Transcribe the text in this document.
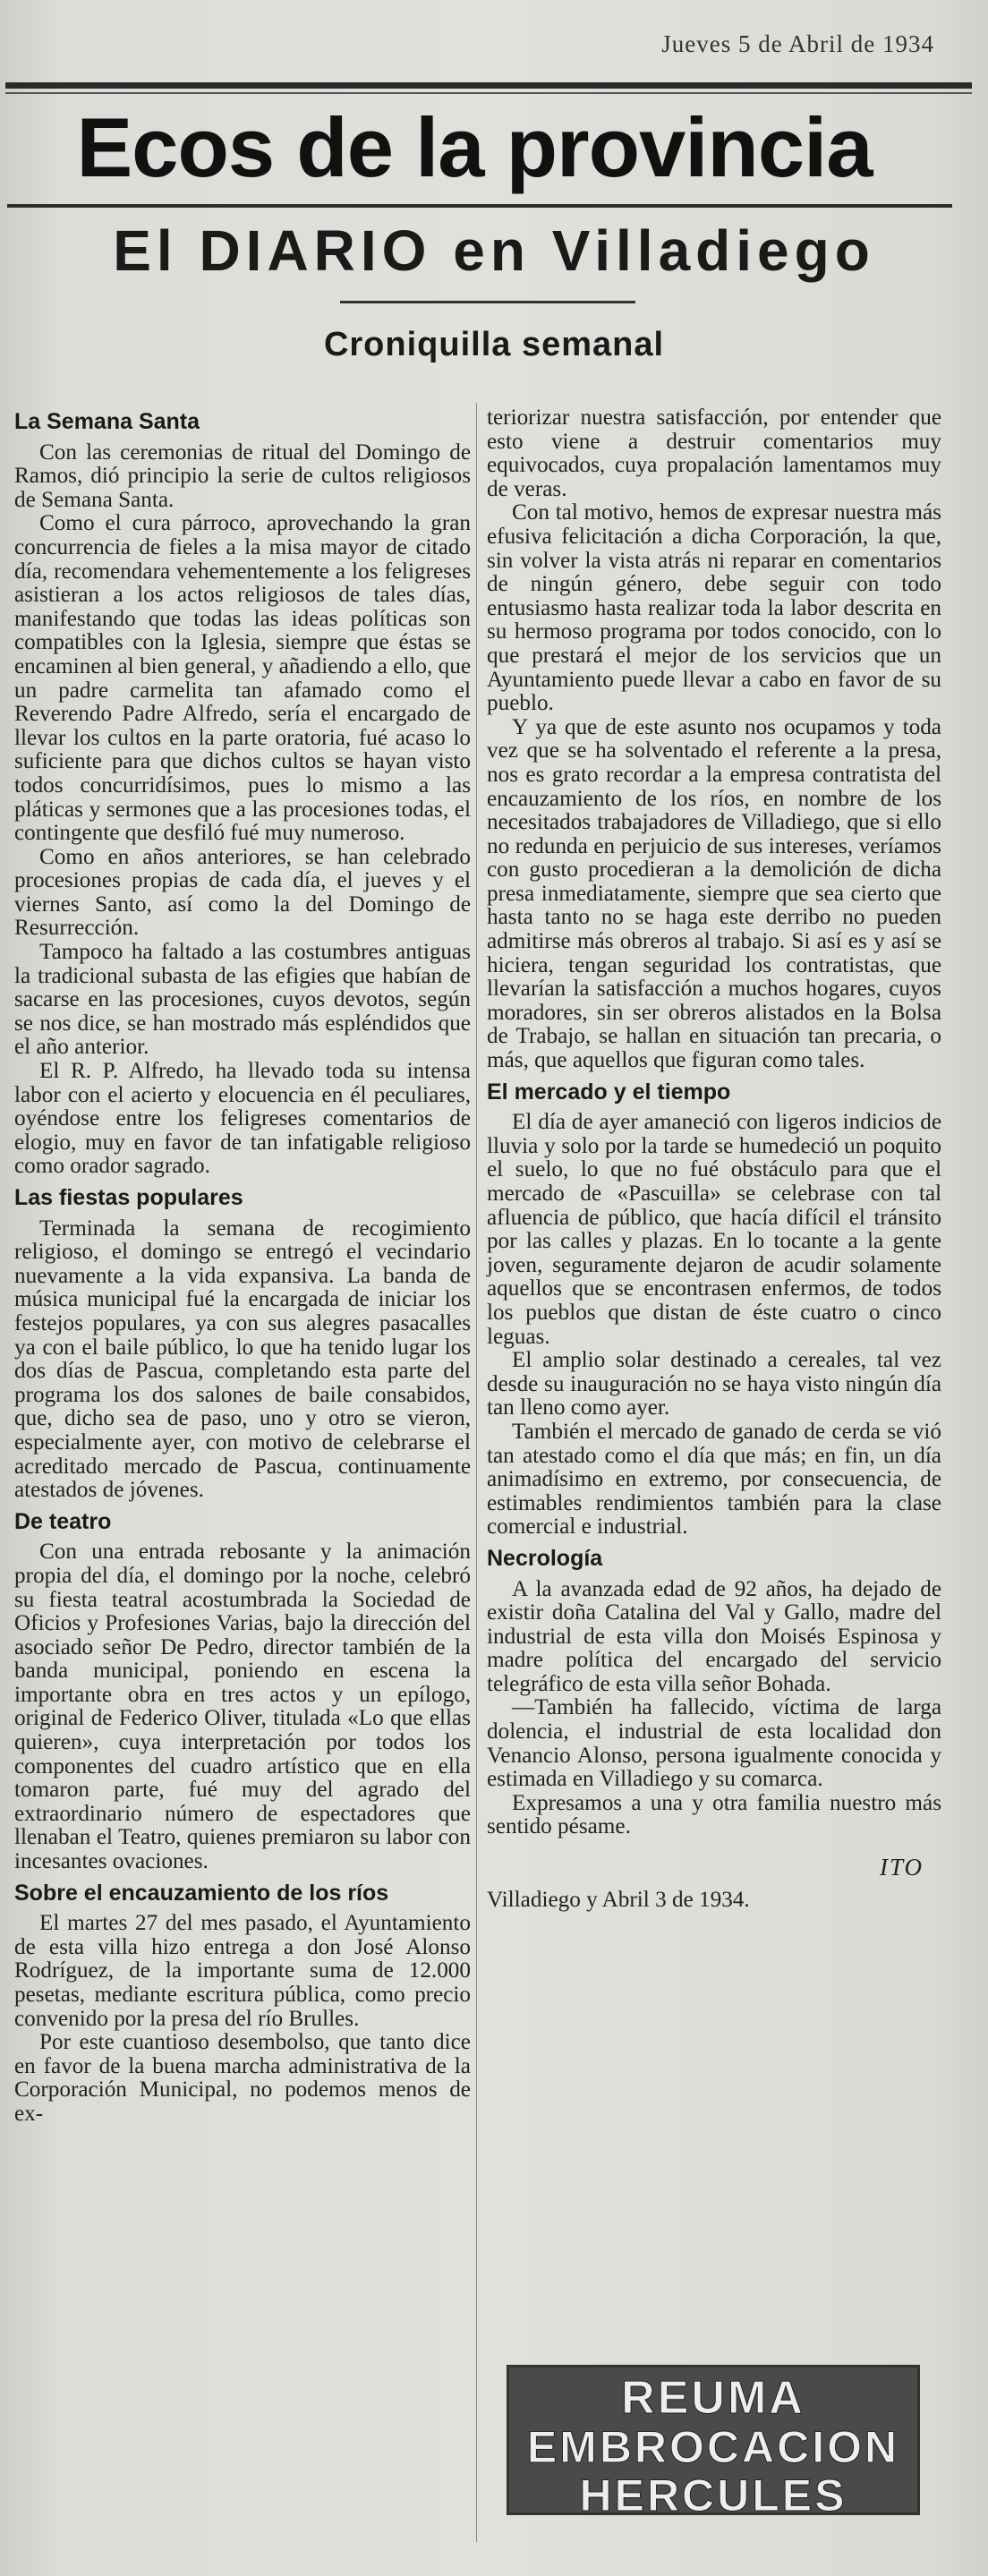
Jueves 5 de Abril de 1934
Ecos de la provincia
El DIARIO en Villadiego
Croniquilla semanal
La Semana Santa

Con las ceremonias de ritual del Domingo de Ramos, dió principio la serie de cultos religiosos de Semana Santa.

Como el cura párroco, aprovechando la gran concurrencia de fieles a la misa mayor de citado día, recomendara vehementemente a los feligreses asistieran a los actos religiosos de tales días, manifestando que todas las ideas políticas son compatibles con la Iglesia, siempre que éstas se encaminen al bien general, y añadiendo a ello, que un padre carmelita tan afamado como el Reverendo Padre Alfredo, sería el encargado de llevar los cultos en la parte oratoria, fué acaso lo suficiente para que dichos cultos se hayan visto todos concurridísimos, pues lo mismo a las pláticas y sermones que a las procesiones todas, el contingente que desfiló fué muy numeroso.

Como en años anteriores, se han celebrado procesiones propias de cada día, el jueves y el viernes Santo, así como la del Domingo de Resurrección.

Tampoco ha faltado a las costumbres antiguas la tradicional subasta de las efigies que habían de sacarse en las procesiones, cuyos devotos, según se nos dice, se han mostrado más espléndidos que el año anterior.

El R. P. Alfredo, ha llevado toda su intensa labor con el acierto y elocuencia en él peculiares, oyéndose entre los feligreses comentarios de elogio, muy en favor de tan infatigable religioso como orador sagrado.

Las fiestas populares

Terminada la semana de recogimiento religioso, el domingo se entregó el vecindario nuevamente a la vida expansiva. La banda de música municipal fué la encargada de iniciar los festejos populares, ya con sus alegres pasacalles ya con el baile público, lo que ha tenido lugar los dos días de Pascua, completando esta parte del programa los dos salones de baile consabidos, que, dicho sea de paso, uno y otro se vieron, especialmente ayer, con motivo de celebrarse el acreditado mercado de Pascua, continuamente atestados de jóvenes.

De teatro

Con una entrada rebosante y la animación propia del día, el domingo por la noche, celebró su fiesta teatral acostumbrada la Sociedad de Oficios y Profesiones Varias, bajo la dirección del asociado señor De Pedro, director también de la banda municipal, poniendo en escena la importante obra en tres actos y un epílogo, original de Federico Oliver, titulada «Lo que ellas quieren», cuya interpretación por todos los componentes del cuadro artístico que en ella tomaron parte, fué muy del agrado del extraordinario número de espectadores que llenaban el Teatro, quienes premiaron su labor con incesantes ovaciones.

Sobre el encauzamiento de los ríos

El martes 27 del mes pasado, el Ayuntamiento de esta villa hizo entrega a don José Alonso Rodríguez, de la importante suma de 12.000 pesetas, mediante escritura pública, como precio convenido por la presa del río Brulles.

Por este cuantioso desembolso, que tanto dice en favor de la buena marcha administrativa de la Corporación Municipal, no podemos menos de ex-

teriorizar nuestra satisfacción, por entender que esto viene a destruir comentarios muy equivocados, cuya propalación lamentamos muy de veras.

Con tal motivo, hemos de expresar nuestra más efusiva felicitación a dicha Corporación, la que, sin volver la vista atrás ni reparar en comentarios de ningún género, debe seguir con todo entusiasmo hasta realizar toda la labor descrita en su hermoso programa por todos conocido, con lo que prestará el mejor de los servicios que un Ayuntamiento puede llevar a cabo en favor de su pueblo.

Y ya que de este asunto nos ocupamos y toda vez que se ha solventado el referente a la presa, nos es grato recordar a la empresa contratista del encauzamiento de los ríos, en nombre de los necesitados trabajadores de Villadiego, que si ello no redunda en perjuicio de sus intereses, veríamos con gusto procedieran a la demolición de dicha presa inmediatamente, siempre que sea cierto que hasta tanto no se haga este derribo no pueden admitirse más obreros al trabajo. Si así es y así se hiciera, tengan seguridad los contratistas, que llevarían la satisfacción a muchos hogares, cuyos moradores, sin ser obreros alistados en la Bolsa de Trabajo, se hallan en situación tan precaria, o más, que aquellos que figuran como tales.

El mercado y el tiempo

El día de ayer amaneció con ligeros indicios de lluvia y solo por la tarde se humedeció un poquito el suelo, lo que no fué obstáculo para que el mercado de «Pascuilla» se celebrase con tal afluencia de público, que hacía difícil el tránsito por las calles y plazas. En lo tocante a la gente joven, seguramente dejaron de acudir solamente aquellos que se encontrasen enfermos, de todos los pueblos que distan de éste cuatro o cinco leguas.

El amplio solar destinado a cereales, tal vez desde su inauguración no se haya visto ningún día tan lleno como ayer.

También el mercado de ganado de cerda se vió tan atestado como el día que más; en fin, un día animadísimo en extremo, por consecuencia, de estimables rendimientos también para la clase comercial e industrial.

Necrología

A la avanzada edad de 92 años, ha dejado de existir doña Catalina del Val y Gallo, madre del industrial de esta villa don Moisés Espinosa y madre política del encargado del servicio telegráfico de esta villa señor Bohada.

—También ha fallecido, víctima de larga dolencia, el industrial de esta localidad don Venancio Alonso, persona igualmente conocida y estimada en Villadiego y su comarca.

Expresamos a una y otra familia nuestro más sentido pésame.

ITO

Villadiego y Abril 3 de 1934.

REUMA
EMBROCACION
HERCULES
